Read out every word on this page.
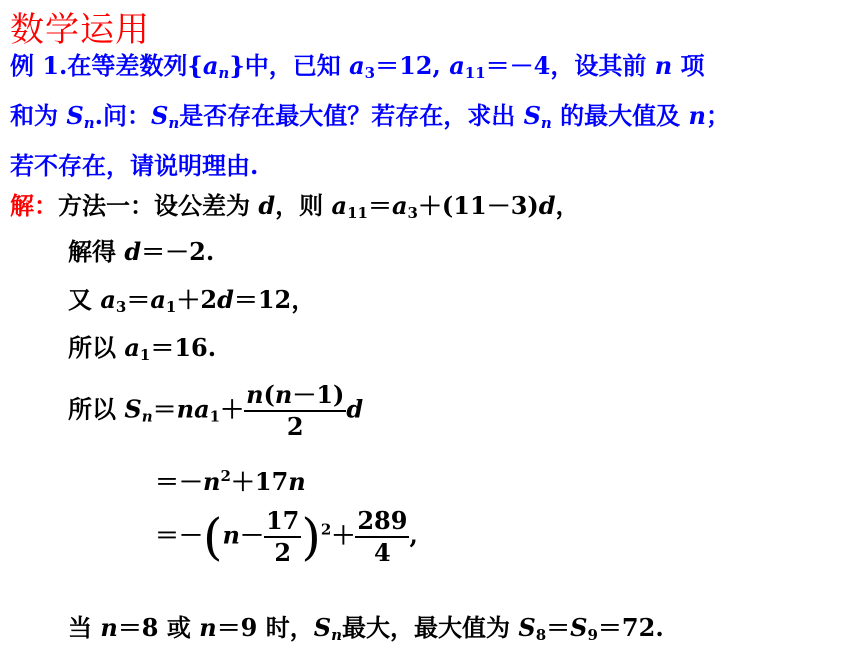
数学运用
例 1.在等差数列$\{a_n\}$中，已知 $a_3=12$, $a_{11}=-4$，设其前 n 项
和为 $S_n$.问：$S_n$是否存在最大值？若存在，求出 $S_n$ 的最大值及 n；
若不存在，请说明理由.
解：方法一：设公差为 d，则 $a_{11}=a_3+(11-3)d$，
解得 d＝－2.
又 $a_3=a_1+2d=12$，
所以 $a_1=16$.
所以 $S_n=na_1+ \frac{n(n-1)}{2}$ d
$=-n^2+17n$
$=-(n- \frac{17}{2} )^2+ \frac{289}{4}$ ,
当 n＝8 或 n＝9 时，$S_n$最大，最大值为 $S_8=S_9=72$.
